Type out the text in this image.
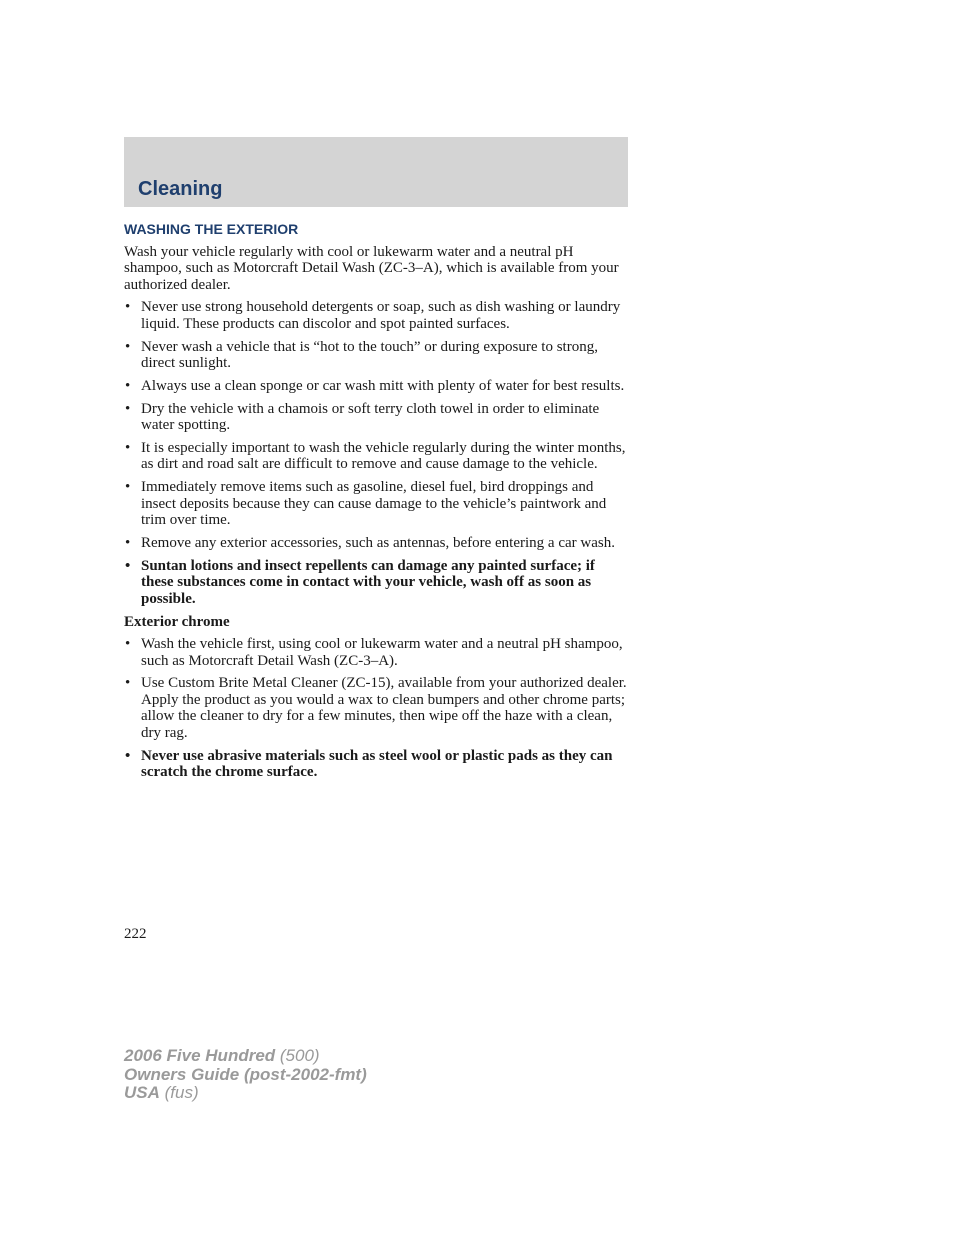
Cleaning
WASHING THE EXTERIOR

Wash your vehicle regularly with cool or lukewarm water and a neutral pH shampoo, such as Motorcraft Detail Wash (ZC-3–A), which is available from your authorized dealer.

• Never use strong household detergents or soap, such as dish washing or laundry liquid. These products can discolor and spot painted surfaces.
• Never wash a vehicle that is “hot to the touch” or during exposure to strong, direct sunlight.
• Always use a clean sponge or car wash mitt with plenty of water for best results.
• Dry the vehicle with a chamois or soft terry cloth towel in order to eliminate water spotting.
• It is especially important to wash the vehicle regularly during the winter months, as dirt and road salt are difficult to remove and cause damage to the vehicle.
• Immediately remove items such as gasoline, diesel fuel, bird droppings and insect deposits because they can cause damage to the vehicle’s paintwork and trim over time.
• Remove any exterior accessories, such as antennas, before entering a car wash.
• Suntan lotions and insect repellents can damage any painted surface; if these substances come in contact with your vehicle, wash off as soon as possible.

Exterior chrome

• Wash the vehicle first, using cool or lukewarm water and a neutral pH shampoo, such as Motorcraft Detail Wash (ZC-3–A).
• Use Custom Brite Metal Cleaner (ZC-15), available from your authorized dealer. Apply the product as you would a wax to clean bumpers and other chrome parts; allow the cleaner to dry for a few minutes, then wipe off the haze with a clean, dry rag.
• Never use abrasive materials such as steel wool or plastic pads as they can scratch the chrome surface.
222
2006 Five Hundred (500)
Owners Guide (post-2002-fmt)
USA (fus)
